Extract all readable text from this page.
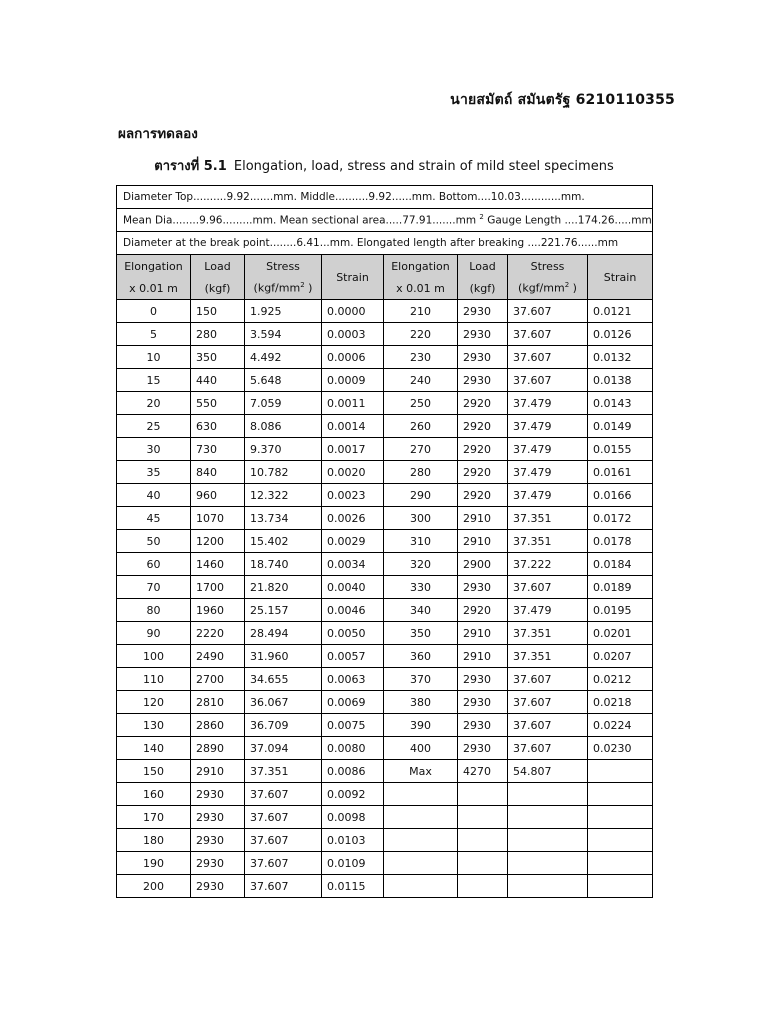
นายสมัตถ์ สมันตรัฐ 6210110355
ผลการทดลอง
ตารางที่ 5.1 Elongation, load, stress and strain of mild steel specimens
Diameter Top..........9.92.......mm. Middle..........9.92......mm. Bottom....10.03............mm.							
Mean Dia........9.96.........mm. Mean sectional area.....77.91.......mm $^2$ Gauge Length ....174.26.....mm							
Diameter at the break point........6.41...mm. Elongated length after breaking ....221.76......mm							
Elongation	Load	Stress	Strain	Elongation	Load	Stress	Strain
x 0.01 m	(kgf)	($kgf/mm^2$ )		x 0.01 m	(kgf)	($kgf/mm^2$ )	
0	150	1.925	0.0000	210	2930	37.607	0.0121
5	280	3.594	0.0003	220	2930	37.607	0.0126
10	350	4.492	0.0006	230	2930	37.607	0.0132
15	440	5.648	0.0009	240	2930	37.607	0.0138
20	550	7.059	0.0011	250	2920	37.479	0.0143
25	630	8.086	0.0014	260	2920	37.479	0.0149
30	730	9.370	0.0017	270	2920	37.479	0.0155
35	840	10.782	0.0020	280	2920	37.479	0.0161
40	960	12.322	0.0023	290	2920	37.479	0.0166
45	1070	13.734	0.0026	300	2910	37.351	0.0172
50	1200	15.402	0.0029	310	2910	37.351	0.0178
60	1460	18.740	0.0034	320	2900	37.222	0.0184
70	1700	21.820	0.0040	330	2930	37.607	0.0189
80	1960	25.157	0.0046	340	2920	37.479	0.0195
90	2220	28.494	0.0050	350	2910	37.351	0.0201
100	2490	31.960	0.0057	360	2910	37.351	0.0207
110	2700	34.655	0.0063	370	2930	37.607	0.0212
120	2810	36.067	0.0069	380	2930	37.607	0.0218
130	2860	36.709	0.0075	390	2930	37.607	0.0224
140	2890	37.094	0.0080	400	2930	37.607	0.0230
150	2910	37.351	0.0086	Max	4270	54.807	
160	2930	37.607	0.0092				
170	2930	37.607	0.0098				
180	2930	37.607	0.0103				
190	2930	37.607	0.0109				
200	2930	37.607	0.0115				
